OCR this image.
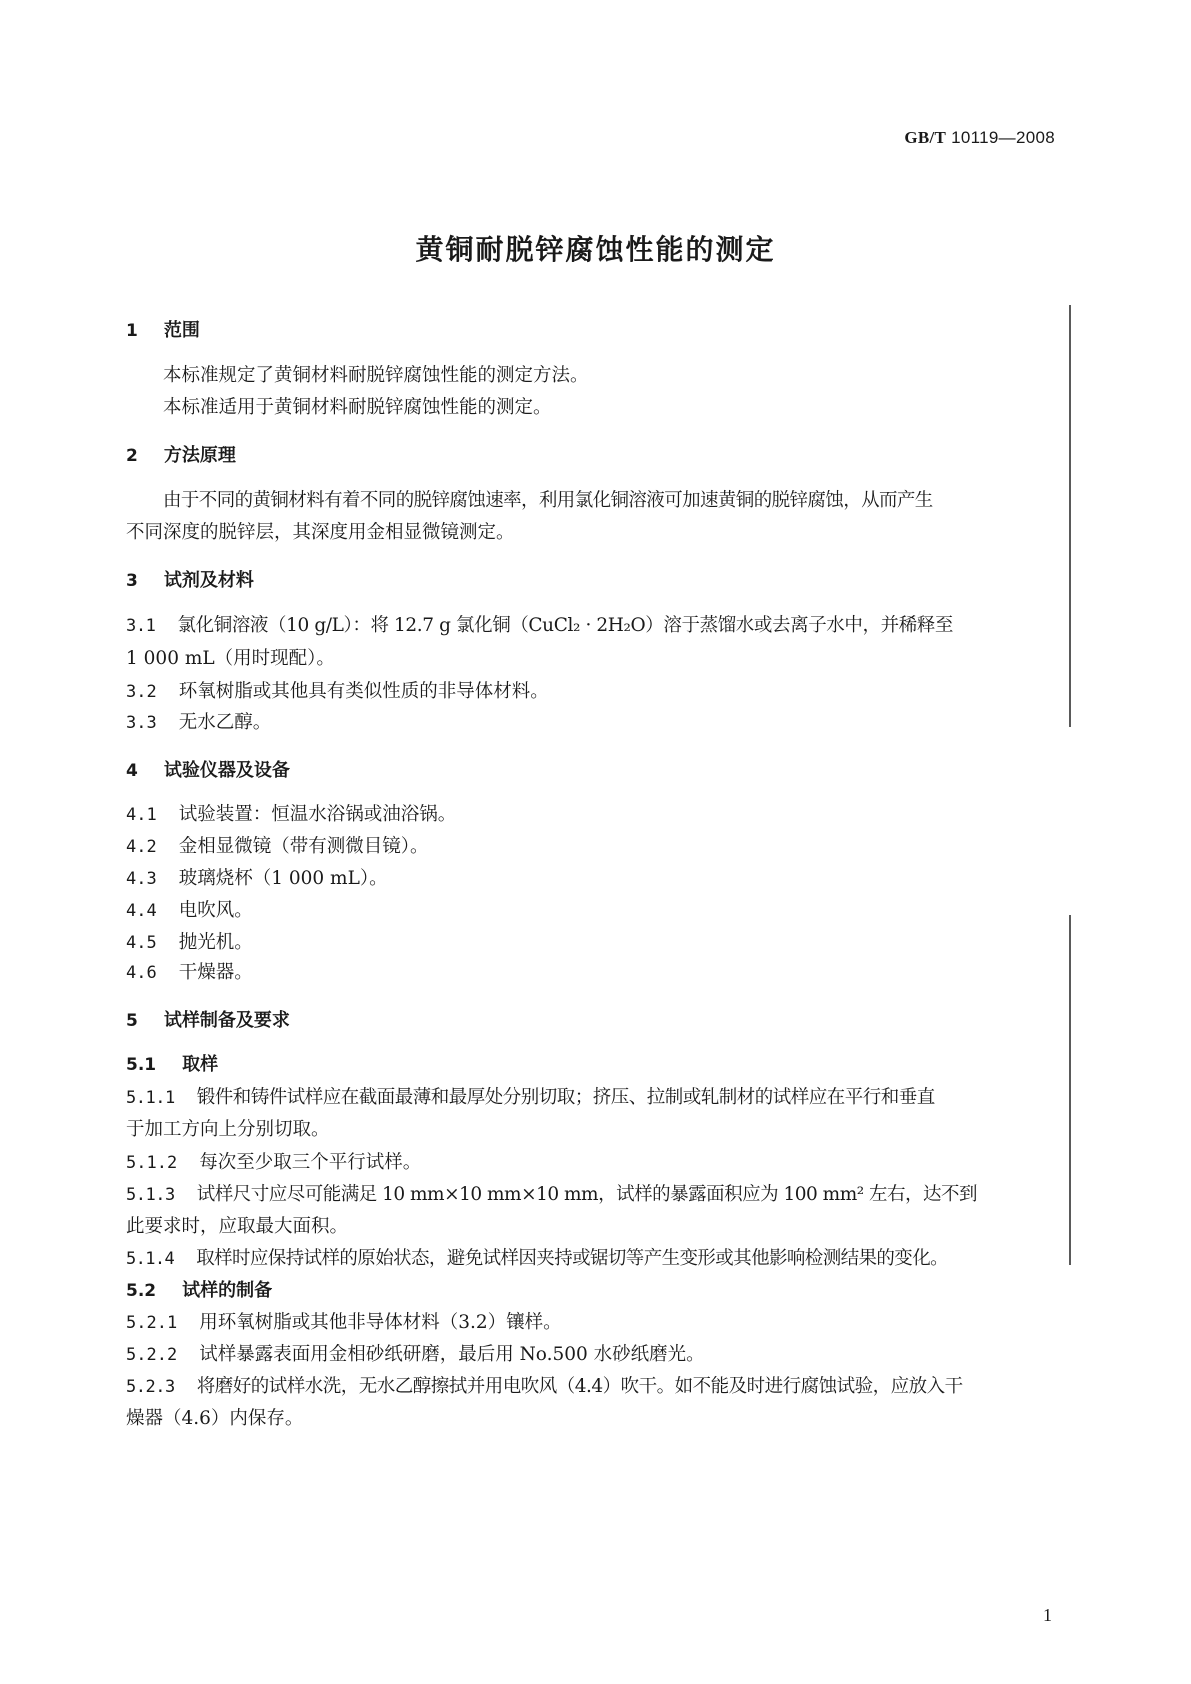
GB/T 10119—2008
黄铜耐脱锌腐蚀性能的测定
1 范围
本标准规定了黄铜材料耐脱锌腐蚀性能的测定方法。
本标准适用于黄铜材料耐脱锌腐蚀性能的测定。
2 方法原理
由于不同的黄铜材料有着不同的脱锌腐蚀速率，利用氯化铜溶液可加速黄铜的脱锌腐蚀，从而产生
不同深度的脱锌层，其深度用金相显微镜测定。
3 试剂及材料
3.1 氯化铜溶液（10 g/L）：将 12.7 g 氯化铜（CuCl₂ · 2H₂O）溶于蒸馏水或去离子水中，并稀释至
1 000 mL（用时现配）。
3.2 环氧树脂或其他具有类似性质的非导体材料。
3.3 无水乙醇。
4 试验仪器及设备
4.1 试验装置：恒温水浴锅或油浴锅。
4.2 金相显微镜（带有测微目镜）。
4.3 玻璃烧杯（1 000 mL）。
4.4 电吹风。
4.5 抛光机。
4.6 干燥器。
5 试样制备及要求
5.1 取样
5.1.1 锻件和铸件试样应在截面最薄和最厚处分别切取；挤压、拉制或轧制材的试样应在平行和垂直
于加工方向上分别切取。
5.1.2 每次至少取三个平行试样。
5.1.3 试样尺寸应尽可能满足 10 mm×10 mm×10 mm，试样的暴露面积应为 100 mm² 左右，达不到
此要求时，应取最大面积。
5.1.4 取样时应保持试样的原始状态，避免试样因夹持或锯切等产生变形或其他影响检测结果的变化。
5.2 试样的制备
5.2.1 用环氧树脂或其他非导体材料（3.2）镶样。
5.2.2 试样暴露表面用金相砂纸研磨，最后用 No.500 水砂纸磨光。
5.2.3 将磨好的试样水洗，无水乙醇擦拭并用电吹风（4.4）吹干。如不能及时进行腐蚀试验，应放入干
燥器（4.6）内保存。
1
